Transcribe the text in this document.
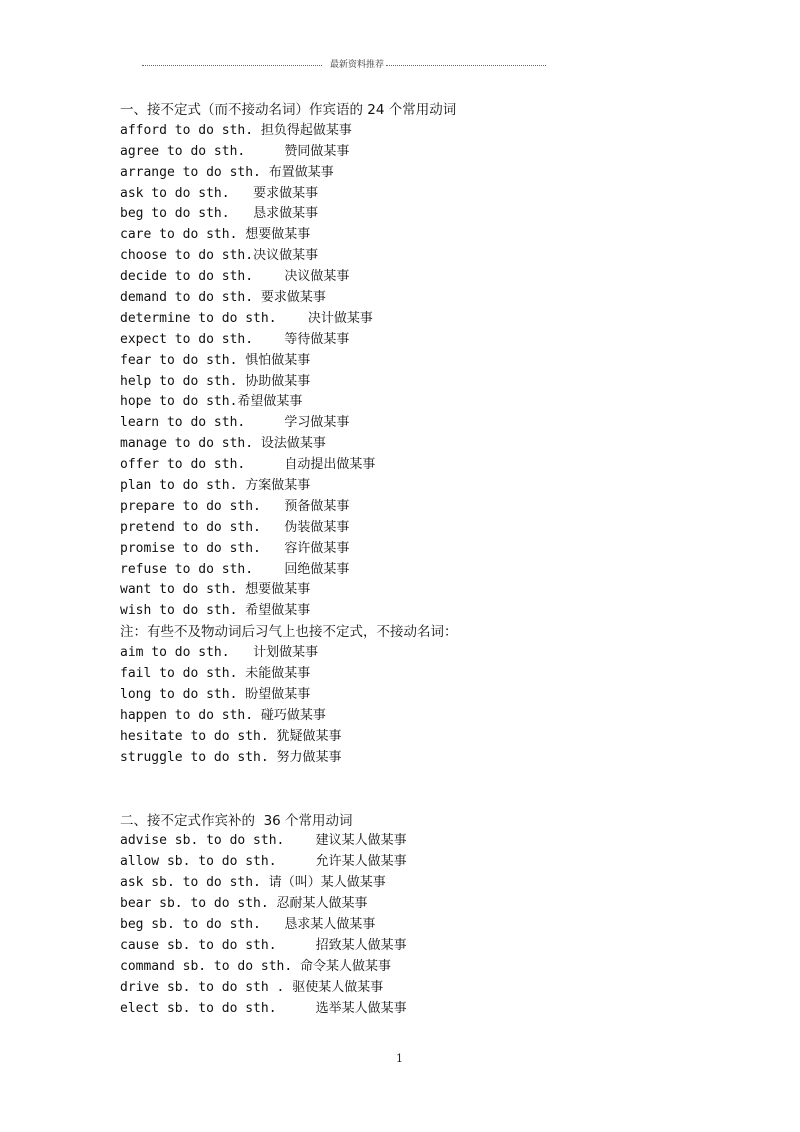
最新资料推荐
一、接不定式（而不接动名词）作宾语的 24 个常用动词
afford to do sth. 担负得起做某事
agree to do sth.     赞同做某事
arrange to do sth. 布置做某事
ask to do sth.   要求做某事
beg to do sth.   恳求做某事
care to do sth. 想要做某事
choose to do sth.决议做某事
decide to do sth.    决议做某事
demand to do sth. 要求做某事
determine to do sth.    决计做某事
expect to do sth.    等待做某事
fear to do sth. 惧怕做某事
help to do sth. 协助做某事
hope to do sth.希望做某事
learn to do sth.     学习做某事
manage to do sth. 设法做某事
offer to do sth.     自动提出做某事
plan to do sth. 方案做某事
prepare to do sth.   预备做某事
pretend to do sth.   伪装做某事
promise to do sth.   容许做某事
refuse to do sth.    回绝做某事
want to do sth. 想要做某事
wish to do sth. 希望做某事
注：有些不及物动词后习气上也接不定式，不接动名词：
aim to do sth.   计划做某事
fail to do sth. 未能做某事
long to do sth. 盼望做某事
happen to do sth. 碰巧做某事
hesitate to do sth. 犹疑做某事
struggle to do sth. 努力做某事
二、接不定式作宾补的  36 个常用动词
advise sb. to do sth.    建议某人做某事
allow sb. to do sth.     允许某人做某事
ask sb. to do sth. 请（叫）某人做某事
bear sb. to do sth. 忍耐某人做某事
beg sb. to do sth.   恳求某人做某事
cause sb. to do sth.     招致某人做某事
command sb. to do sth. 命令某人做某事
drive sb. to do sth . 驱使某人做某事
elect sb. to do sth.     选举某人做某事
1
